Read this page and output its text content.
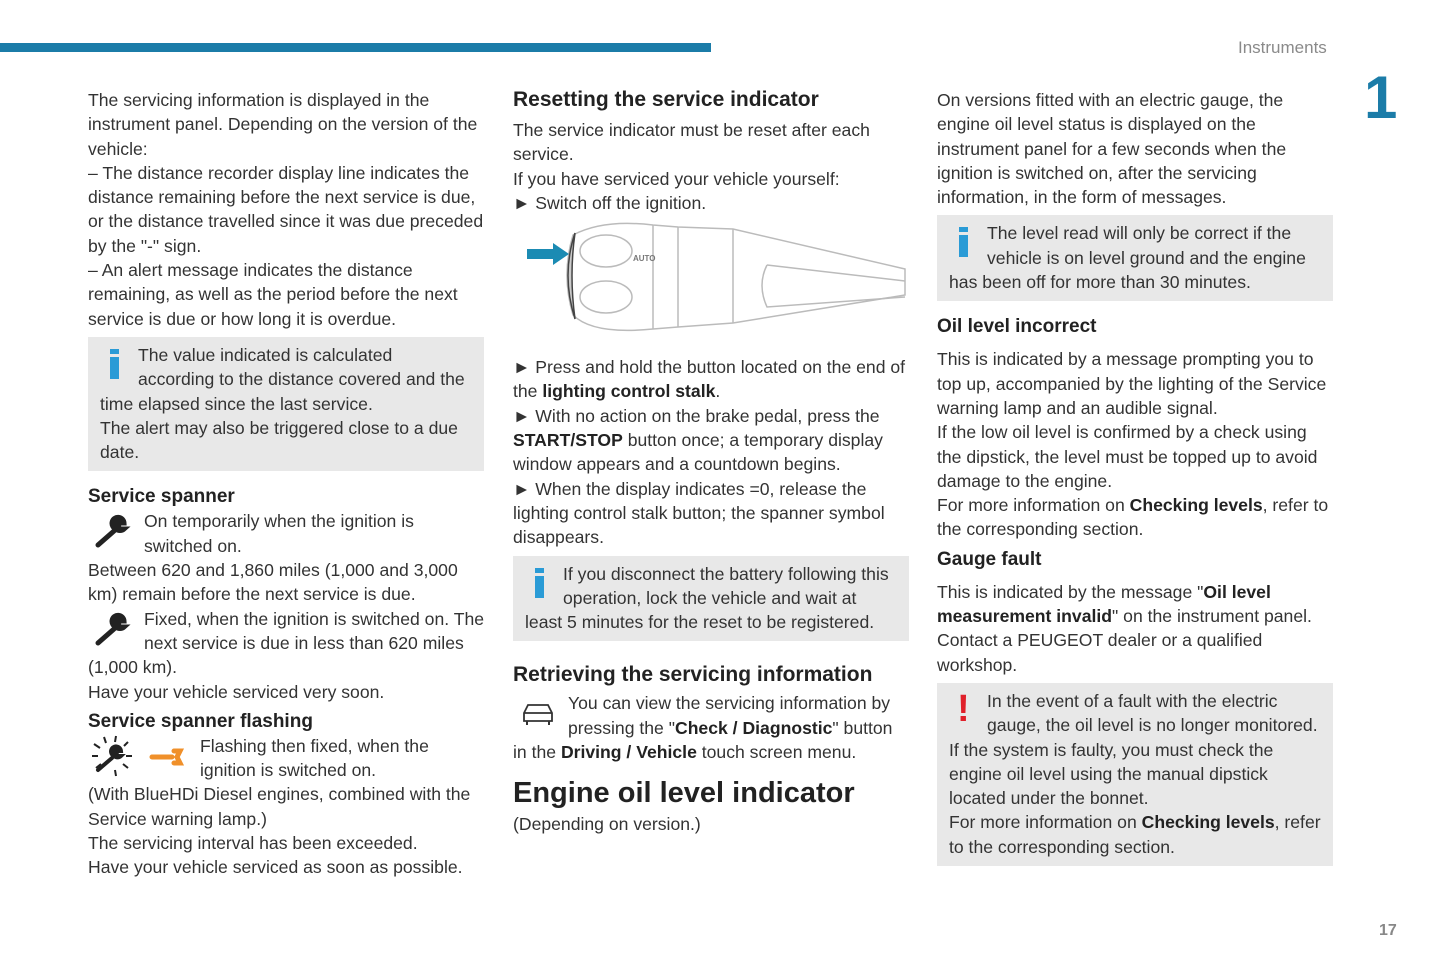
Instruments
1
17

The servicing information is displayed in the instrument panel. Depending on the version of the vehicle:

– The distance recorder display line indicates the distance remaining before the next service is due, or the distance travelled since it was due preceded by the "-" sign.

– An alert message indicates the distance remaining, as well as the period before the next service is due or how long it is overdue.

The value indicated is calculated according to the distance covered and the time elapsed since the last service.

The alert may also be triggered close to a due date.

Service spanner

On temporarily when the ignition is switched on.

Between 620 and 1,860 miles (1,000 and 3,000 km) remain before the next service is due.

Fixed, when the ignition is switched on. The next service is due in less than 620 miles (1,000 km).

Have your vehicle serviced very soon.

Service spanner flashing

Flashing then fixed, when the ignition is switched on.

(With BlueHDi Diesel engines, combined with the Service warning lamp.)

The servicing interval has been exceeded.

Have your vehicle serviced as soon as possible.

Resetting the service indicator

The service indicator must be reset after each service.

If you have serviced your vehicle yourself:

► Switch off the ignition.

AUTO

► Press and hold the button located on the end of the lighting control stalk.

► With no action on the brake pedal, press the START/STOP button once; a temporary display window appears and a countdown begins.

► When the display indicates =0, release the lighting control stalk button; the spanner symbol disappears.

If you disconnect the battery following this operation, lock the vehicle and wait at least 5 minutes for the reset to be registered.

Retrieving the servicing information

You can view the servicing information by pressing the "Check / Diagnostic" button in the Driving / Vehicle touch screen menu.

Engine oil level indicator

(Depending on version.)

On versions fitted with an electric gauge, the engine oil level status is displayed on the instrument panel for a few seconds when the ignition is switched on, after the servicing information, in the form of messages.

The level read will only be correct if the vehicle is on level ground and the engine has been off for more than 30 minutes.

Oil level incorrect

This is indicated by a message prompting you to top up, accompanied by the lighting of the Service warning lamp and an audible signal.

If the low oil level is confirmed by a check using the dipstick, the level must be topped up to avoid damage to the engine.

For more information on Checking levels, refer to the corresponding section.

Gauge fault

This is indicated by the message "Oil level measurement invalid" on the instrument panel.

Contact a PEUGEOT dealer or a qualified workshop.

! In the event of a fault with the electric gauge, the oil level is no longer monitored.

If the system is faulty, you must check the engine oil level using the manual dipstick located under the bonnet.

For more information on Checking levels, refer to the corresponding section.
